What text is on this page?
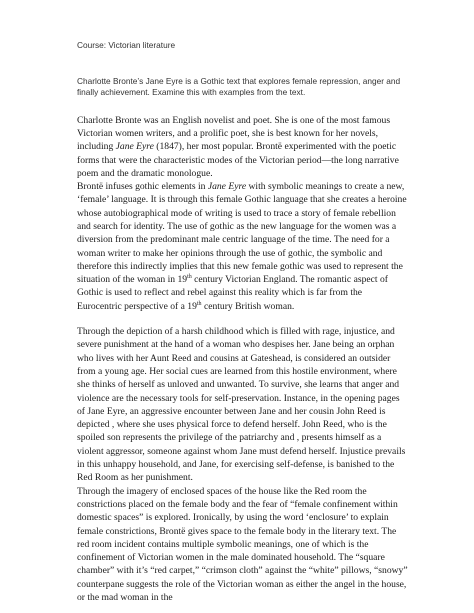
Course: Victorian literature

Charlotte Bronte’s Jane Eyre is a Gothic text that explores female repression, anger and finally achievement. Examine this with examples from the text.

Charlotte Bronte was an English novelist and poet. She is one of the most famous Victorian women writers, and a prolific poet, she is best known for her novels, including Jane Eyre (1847), her most popular. Brontë experimented with the poetic forms that were the characteristic modes of the Victorian period—the long narrative poem and the dramatic monologue.

Brontë infuses gothic elements in Jane Eyre with symbolic meanings to create a new, ‘female’ language. It is through this female Gothic language that she creates a heroine whose autobiographical mode of writing is used to trace a story of female rebellion and search for identity. The use of gothic as the new language for the women was a diversion from the predominant male centric language of the time. The need for a woman writer to make her opinions through the use of gothic, the symbolic and therefore this indirectly implies that this new female gothic was used to represent the situation of the woman in 19th century Victorian England. The romantic aspect of Gothic is used to reflect and rebel against this reality which is far from the Eurocentric perspective of a 19th century British woman.

Through the depiction of a harsh childhood which is filled with rage, injustice, and severe punishment at the hand of a woman who despises her. Jane being an orphan who lives with her Aunt Reed and cousins at Gateshead, is considered an outsider from a young age. Her social cues are learned from this hostile environment, where she thinks of herself as unloved and unwanted. To survive, she learns that anger and violence are the necessary tools for self-preservation. Instance, in the opening pages of Jane Eyre, an aggressive encounter between Jane and her cousin John Reed is depicted , where she uses physical force to defend herself. John Reed, who is the spoiled son represents the privilege of the patriarchy and , presents himself as a violent aggressor, someone against whom Jane must defend herself. Injustice prevails in this unhappy household, and Jane, for exercising self-defense, is banished to the Red Room as her punishment.

Through the imagery of enclosed spaces of the house like the Red room the constrictions placed on the female body and the fear of “female confinement within domestic spaces” is explored. Ironically, by using the word ‘enclosure’ to explain female constrictions, Brontë gives space to the female body in the literary text. The red room incident contains multiple symbolic meanings, one of which is the confinement of Victorian women in the male dominated household. The “square chamber” with it’s “red carpet,” “crimson cloth” against the “white” pillows, “snowy” counterpane suggests the role of the Victorian woman as either the angel in the house, or the mad woman in the
